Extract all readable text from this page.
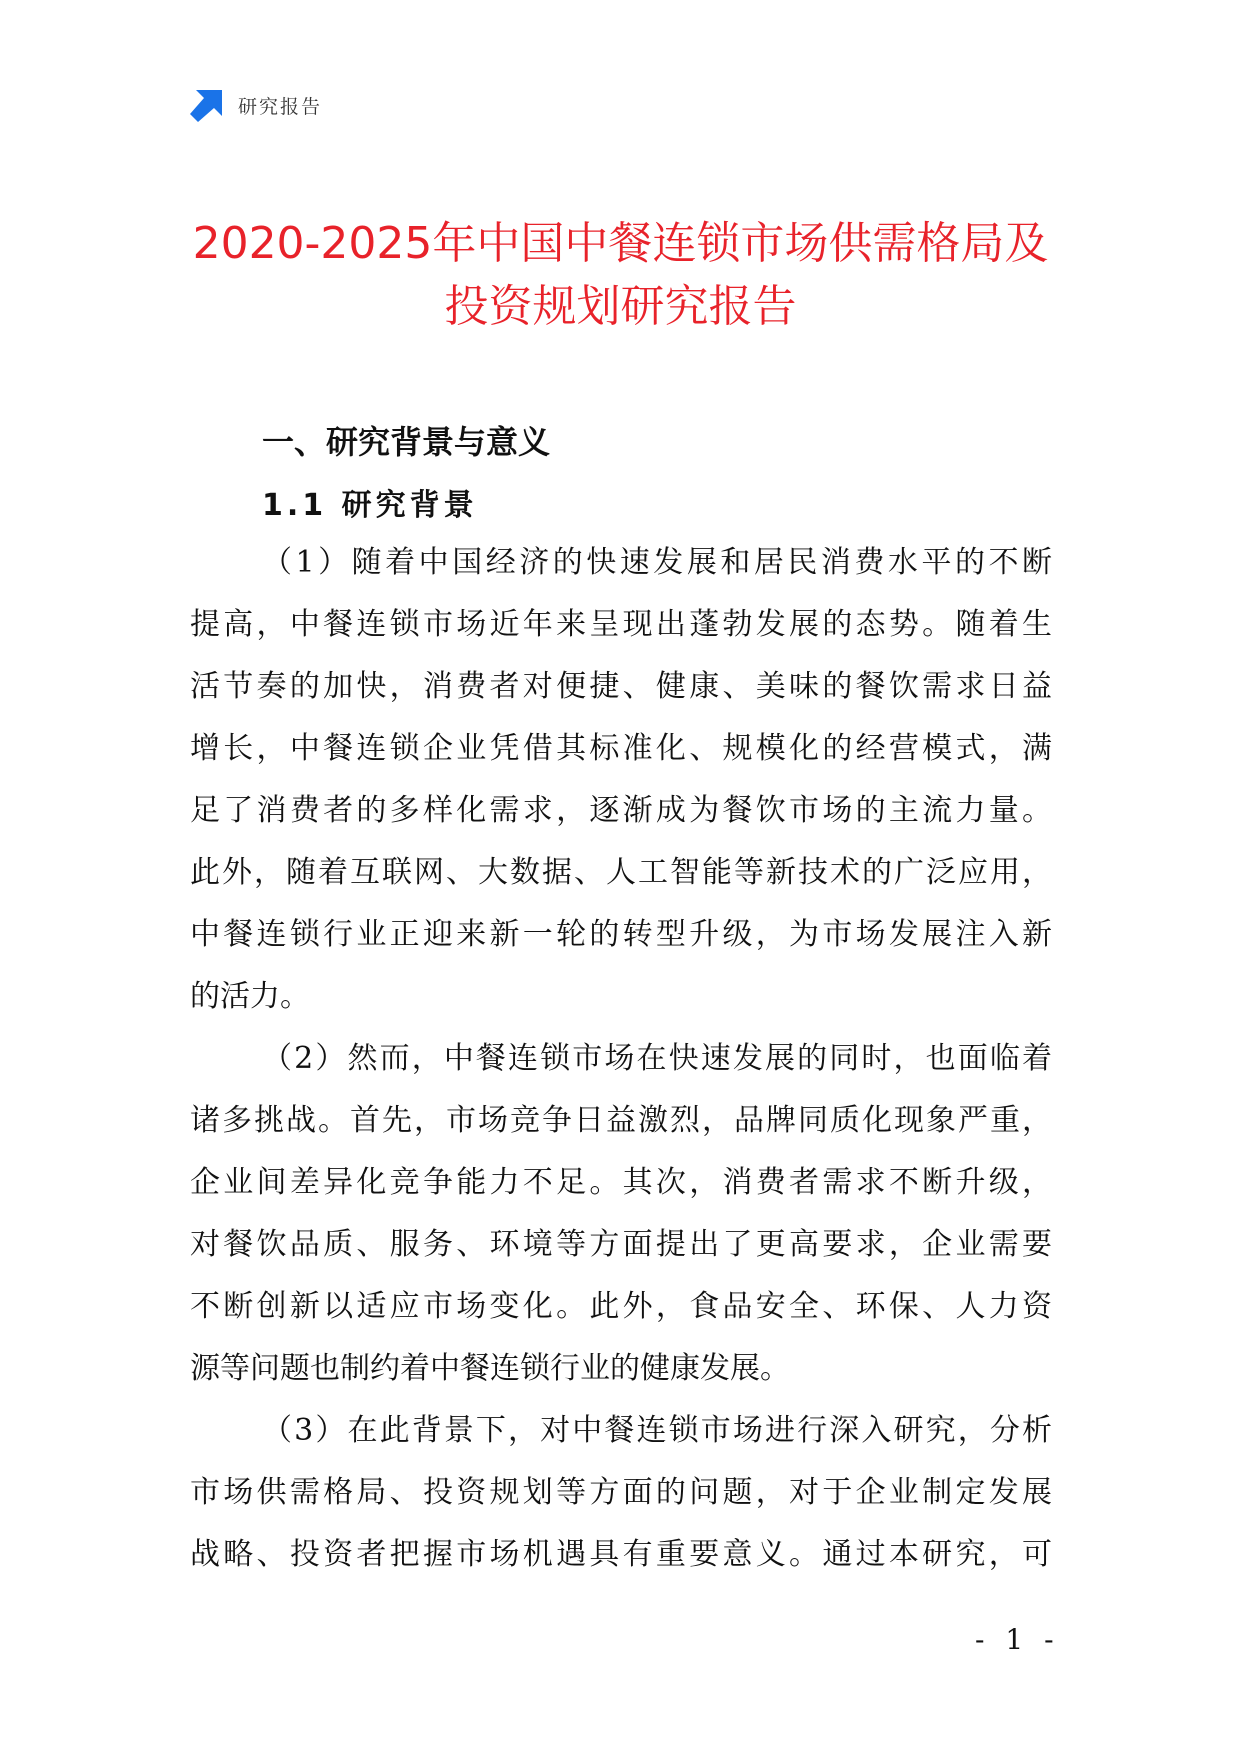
研究报告
2020-2025年中国中餐连锁市场供需格局及
投资规划研究报告
一、研究背景与意义
1.1 研究背景
（1）随着中国经济的快速发展和居民消费水平的不断
提高，中餐连锁市场近年来呈现出蓬勃发展的态势。随着生
活节奏的加快，消费者对便捷、健康、美味的餐饮需求日益
增长，中餐连锁企业凭借其标准化、规模化的经营模式，满
足了消费者的多样化需求，逐渐成为餐饮市场的主流力量。
此外，随着互联网、大数据、人工智能等新技术的广泛应用，
中餐连锁行业正迎来新一轮的转型升级，为市场发展注入新
的活力。
（2）然而，中餐连锁市场在快速发展的同时，也面临着
诸多挑战。首先，市场竞争日益激烈，品牌同质化现象严重，
企业间差异化竞争能力不足。其次，消费者需求不断升级，
对餐饮品质、服务、环境等方面提出了更高要求，企业需要
不断创新以适应市场变化。此外，食品安全、环保、人力资
源等问题也制约着中餐连锁行业的健康发展。
（3）在此背景下，对中餐连锁市场进行深入研究，分析
市场供需格局、投资规划等方面的问题，对于企业制定发展
战略、投资者把握市场机遇具有重要意义。通过本研究，可
- 1 -
